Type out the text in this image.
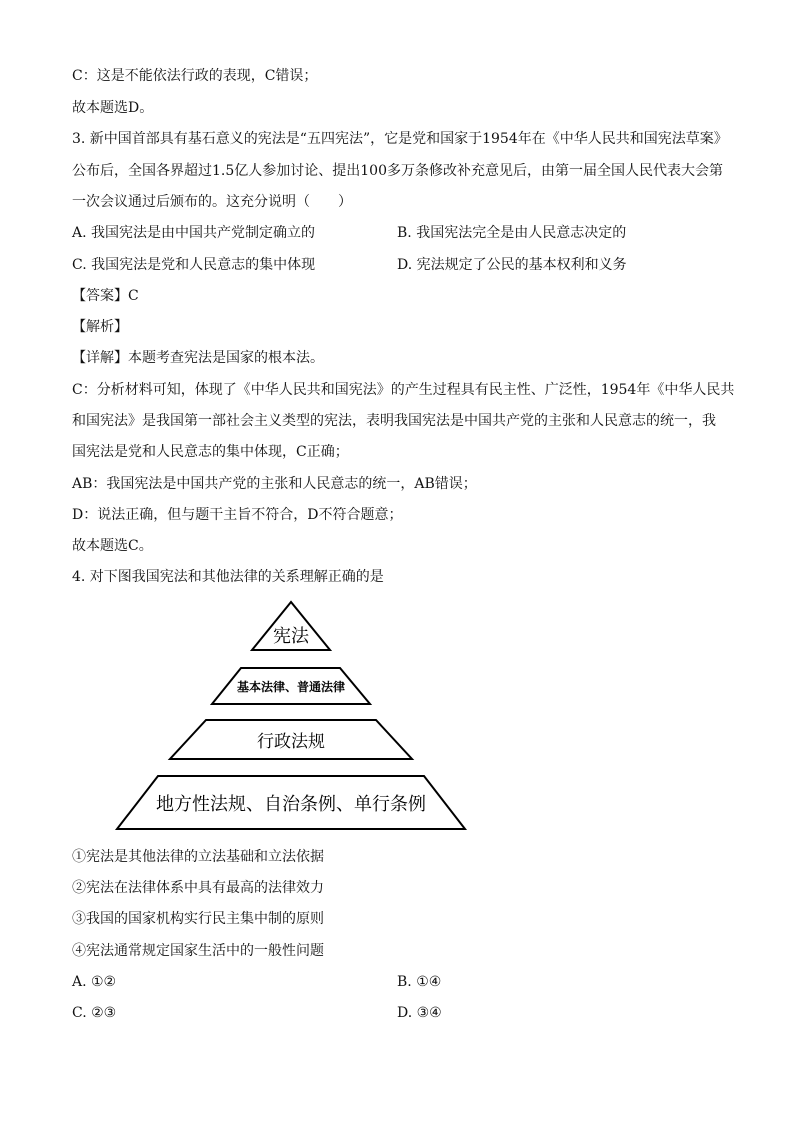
C：这是不能依法行政的表现，C错误；
故本题选D。
3. 新中国首部具有基石意义的宪法是“五四宪法”，它是党和国家于1954年在《中华人民共和国宪法草案》
公布后，全国各界超过1.5亿人参加讨论、提出100多万条修改补充意见后，由第一届全国人民代表大会第
一次会议通过后颁布的。这充分说明（　　）
A. 我国宪法是由中国共产党制定确立的	B. 我国宪法完全是由人民意志决定的
C. 我国宪法是党和人民意志的集中体现	D. 宪法规定了公民的基本权利和义务
【答案】C
【解析】
【详解】本题考查宪法是国家的根本法。
C：分析材料可知，体现了《中华人民共和国宪法》的产生过程具有民主性、广泛性，1954年《中华人民共
和国宪法》是我国第一部社会主义类型的宪法，表明我国宪法是中国共产党的主张和人民意志的统一，我
国宪法是党和人民意志的集中体现，C正确；
AB：我国宪法是中国共产党的主张和人民意志的统一，AB错误；
D：说法正确，但与题干主旨不符合，D不符合题意；
故本题选C。
4. 对下图我国宪法和其他法律的关系理解正确的是
宪法
基本法律、普通法律
行政法规
地方性法规、自治条例、单行条例
①宪法是其他法律的立法基础和立法依据
②宪法在法律体系中具有最高的法律效力
③我国的国家机构实行民主集中制的原则
④宪法通常规定国家生活中的一般性问题
A. ①②	B. ①④
C. ②③	D. ③④
